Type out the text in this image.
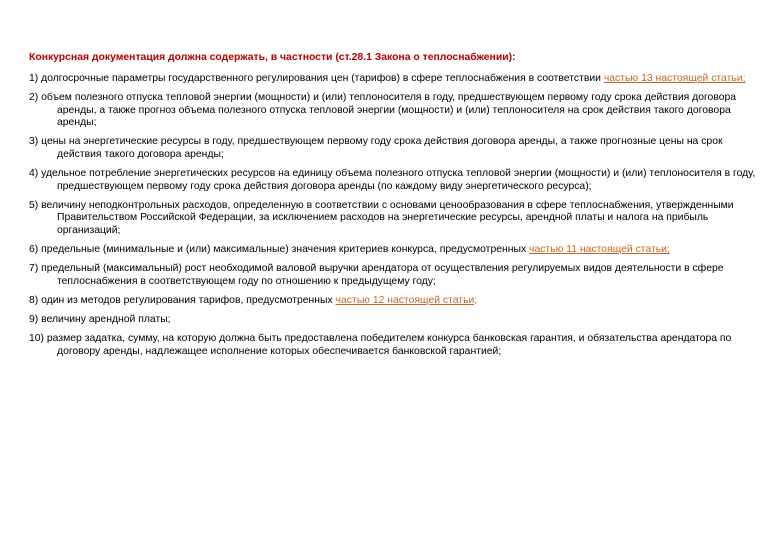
Конкурсная документация должна содержать, в частности (ст.28.1 Закона о теплоснабжении):

1) долгосрочные параметры государственного регулирования цен (тарифов) в сфере теплоснабжения в соответствии частью 13 настоящей статьи;

2) объем полезного отпуска тепловой энергии (мощности) и (или) теплоносителя в году, предшествующем первому году срока действия договора аренды, а также прогноз объема полезного отпуска тепловой энергии (мощности) и (или) теплоносителя на срок действия такого договора аренды;

3) цены на энергетические ресурсы в году, предшествующем первому году срока действия договора аренды, а также прогнозные цены на срок действия такого договора аренды;

4) удельное потребление энергетических ресурсов на единицу объема полезного отпуска тепловой энергии (мощности) и (или) теплоносителя в году, предшествующем первому году срока действия договора аренды (по каждому виду энергетического ресурса);

5) величину неподконтрольных расходов, определенную в соответствии с основами ценообразования в сфере теплоснабжения, утвержденными Правительством Российской Федерации, за исключением расходов на энергетические ресурсы, арендной платы и налога на прибыль организаций;

6) предельные (минимальные и (или) максимальные) значения критериев конкурса, предусмотренных частью 11 настоящей статьи;

7) предельный (максимальный) рост необходимой валовой выручки арендатора от осуществления регулируемых видов деятельности в сфере теплоснабжения в соответствующем году по отношению к предыдущему году;

8) один из методов регулирования тарифов, предусмотренных частью 12 настоящей статьи;

9) величину арендной платы;

10) размер задатка, сумму, на которую должна быть предоставлена победителем конкурса банковская гарантия, и обязательства арендатора по договору аренды, надлежащее исполнение которых обеспечивается банковской гарантией;
